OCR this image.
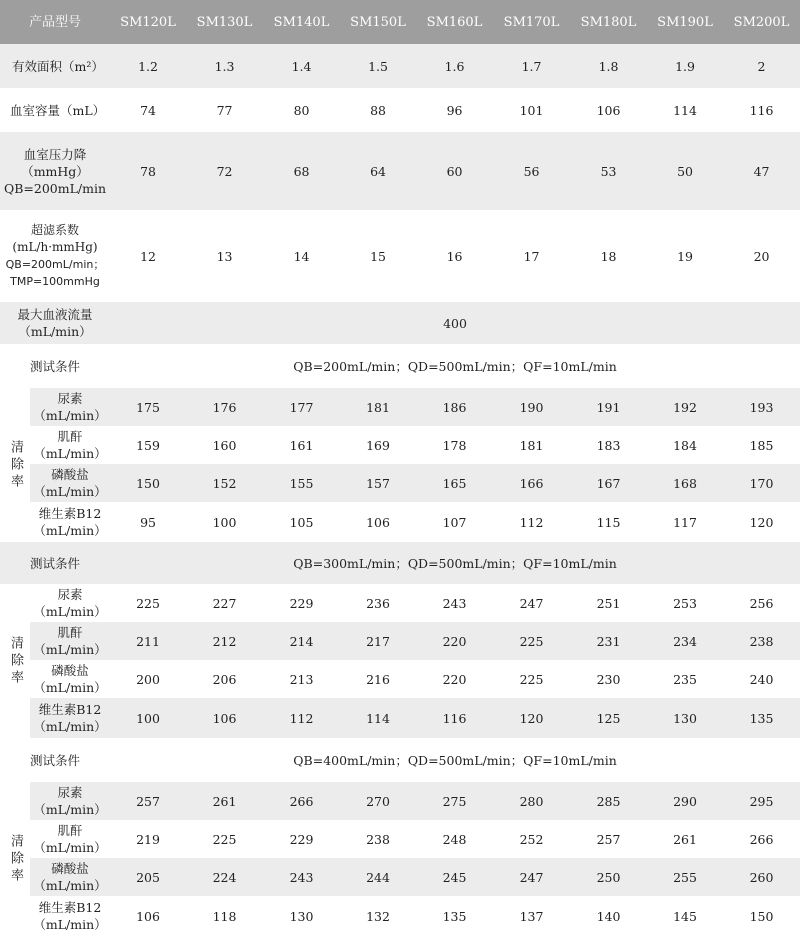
产品型号		SM120L	SM130L	SM140L	SM150L	SM160L	SM170L	SM180L	SM190L	SM200L
有效面积（m²）		1.2	1.3	1.4	1.5	1.6	1.7	1.8	1.9	2
血室容量（mL）		74	77	80	88	96	101	106	114	116

血室压力降
（mmHg）
QB=200mL/min		78	72	68	64	60	56	53	50	47

超滤系数
(mL/h·mmHg)
QB=200mL/min；
TMP=100mmHg		12	13	14	15	16	17	18	19	20

最大血液流量
（mL/min）		400								
测试条件		QB=200mL/min；QD=500mL/min；QF=10mL/min								
清除率	尿素
（mL/min）	175	176	177	181	186	190	191	192	193

	肌酐
（mL/min）	159	160	161	169	178	181	183	184	185

	磷酸盐
（mL/min）	150	152	155	157	165	166	167	168	170

	维生素B12
（mL/min）	95	100	105	106	107	112	115	117	120
测试条件		QB=300mL/min；QD=500mL/min；QF=10mL/min								
清除率	尿素
（mL/min）	225	227	229	236	243	247	251	253	256

	肌酐
（mL/min）	211	212	214	217	220	225	231	234	238

	磷酸盐
（mL/min）	200	206	213	216	220	225	230	235	240

	维生素B12
（mL/min）	100	106	112	114	116	120	125	130	135
测试条件		QB=400mL/min；QD=500mL/min；QF=10mL/min								
清除率	尿素
（mL/min）	257	261	266	270	275	280	285	290	295

	肌酐
（mL/min）	219	225	229	238	248	252	257	261	266

	磷酸盐
（mL/min）	205	224	243	244	245	247	250	255	260

	维生素B12
（mL/min）	106	118	130	132	135	137	140	145	150
